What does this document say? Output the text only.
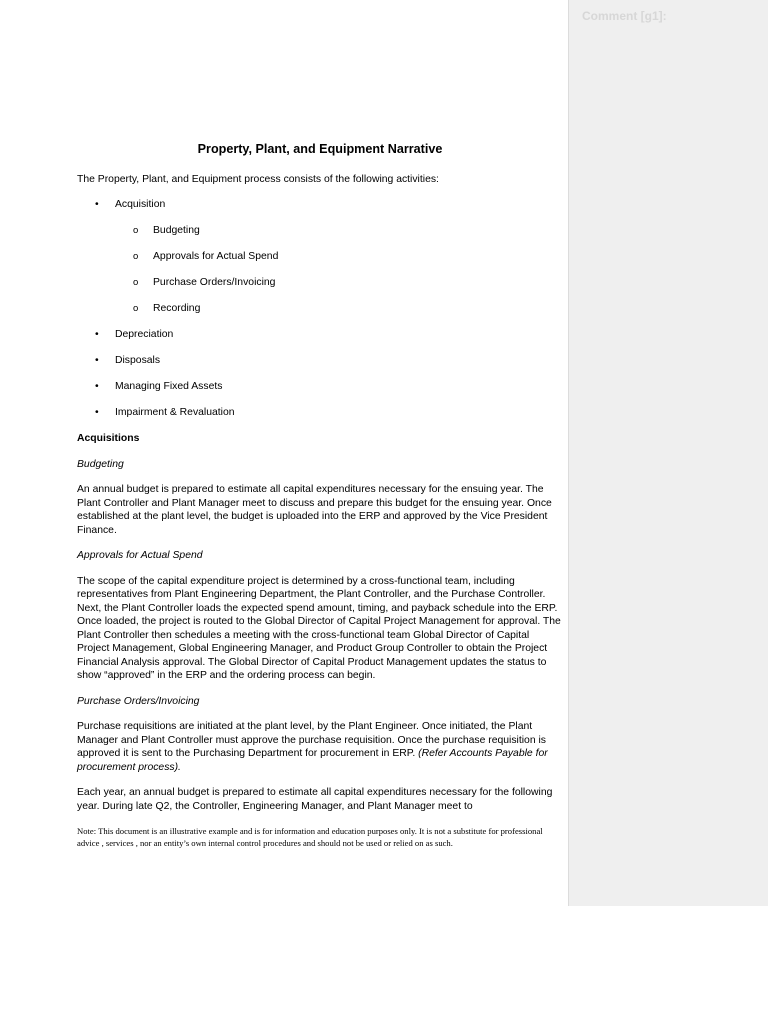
Property, Plant, and Equipment Narrative

The Property, Plant, and Equipment process consists of the following activities:

• Acquisition
o Budgeting
o Approvals for Actual Spend
o Purchase Orders/Invoicing
o Recording
• Depreciation
• Disposals
• Managing Fixed Assets
• Impairment & Revaluation
Acquisitions
Budgeting

An annual budget is prepared to estimate all capital expenditures necessary for the ensuing year. The Plant Controller and Plant Manager meet to discuss and prepare this budget for the ensuing year. Once established at the plant level, the budget is uploaded into the ERP and approved by the Vice President Finance.

Approvals for Actual Spend

The scope of the capital expenditure project is determined by a cross-functional team, including representatives from Plant Engineering Department, the Plant Controller, and the Purchase Controller. Next, the Plant Controller loads the expected spend amount, timing, and payback schedule into the ERP. Once loaded, the project is routed to the Global Director of Capital Project Management for approval. The Plant Controller then schedules a meeting with the cross-functional team Global Director of Capital Project Management, Global Engineering Manager, and Product Group Controller to obtain the Project Financial Analysis approval. The Global Director of Capital Product Management updates the status to show “approved” in the ERP and the ordering process can begin.

Purchase Orders/Invoicing

Purchase requisitions are initiated at the plant level, by the Plant Engineer. Once initiated, the Plant Manager and Plant Controller must approve the purchase requisition. Once the purchase requisition is approved it is sent to the Purchasing Department for procurement in ERP. (Refer Accounts Payable for procurement process).

Each year, an annual budget is prepared to estimate all capital expenditures necessary for the following year. During late Q2, the Controller, Engineering Manager, and Plant Manager meet to

Note: This document is an illustrative example and is for information and education purposes only. It is not a substitute for professional advice , services , nor an entity’s own internal control procedures and should not be used or relied on as such.

Comment [g1]:
